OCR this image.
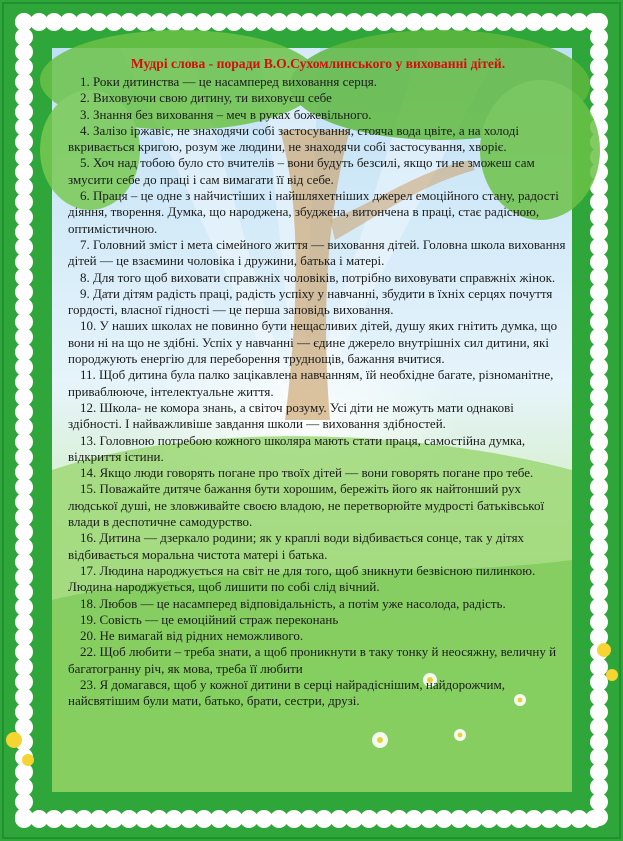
Мудрі слова - поради В.О.Сухомлинського у вихованні дітей.

1. Роки дитинства — це насамперед виховання серця.

2. Виховуючи свою дитину, ти виховуєш себе

3. Знання без виховання – меч в руках божевільного.

4. Залізо іржавіє, не знаходячи собі застосування, стояча вода цвіте, а на холоді вкривається кригою, розум же людини, не знаходячи собі застосування, хворіє.

5. Хоч над тобою було сто вчителів – вони будуть безсилі, якщо ти не зможеш сам змусити себе до праці і сам вимагати її від себе.

6. Праця – це одне з найчистіших і найшляхетніших джерел емоційного стану, радості діяння, творення. Думка, що народжена, збуджена, витончена в праці, стає радісною, оптимістичною.

7. Головний зміст і мета сімейного життя — виховання дітей. Головна школа виховання дітей — це взаємини чоловіка і дружини, батька і матері.

8. Для того щоб виховати справжніх чоловіків, потрібно виховувати справжніх жінок.

9. Дати дітям радість праці, радість успіху у навчанні, збудити в їхніх серцях почуття гордості, власної гідності — це перша заповідь виховання.

10. У наших школах не повинно бути нещасливих дітей, душу яких гнітить думка, що вони ні на що не здібні. Успіх у навчанні — єдине джерело внутрішніх сил дитини, які породжують енергію для переборення труднощів, бажання вчитися.

11. Щоб дитина була палко зацікавлена навчанням, їй необхідне багате, різноманітне, приваблююче, інтелектуальне життя.

12. Школа- не комора знань, а світоч розуму. Усі діти не можуть мати однакові здібності. І найважливіше завдання школи — виховання здібностей.

13. Головною потребою кожного школяра мають стати праця, самостійна думка, відкриття істини.

14. Якщо люди говорять погане про твоїх дітей — вони говорять погане про тебе.

15. Поважайте дитяче бажання бути хорошим, бережіть його як найтонший рух людської душі, не зловживайте своєю владою, не перетворюйте мудрості батьківської влади в деспотичне самодурство.

16. Дитина — дзеркало родини; як у краплі води відбивається сонце, так у дітях відбивається моральна чистота матері і батька.

17. Людина народжується на світ не для того, щоб зникнути безвісною пилинкою. Людина народжується, щоб лишити по собі слід вічний.

18. Любов — це насамперед відповідальність, а потім уже насолода, радість.

19. Совість — це емоційний страж переконань

20. Не вимагай від рідних неможливого.

22. Щоб любити – треба знати, а щоб проникнути в таку тонку й неосяжну, величну й багатогранну річ, як мова, треба її любити

23. Я домагався, щоб у кожної дитини в серці найрадіснішим, найдорожчим, найсвятішим були мати, батько, брати, сестри, друзі.
